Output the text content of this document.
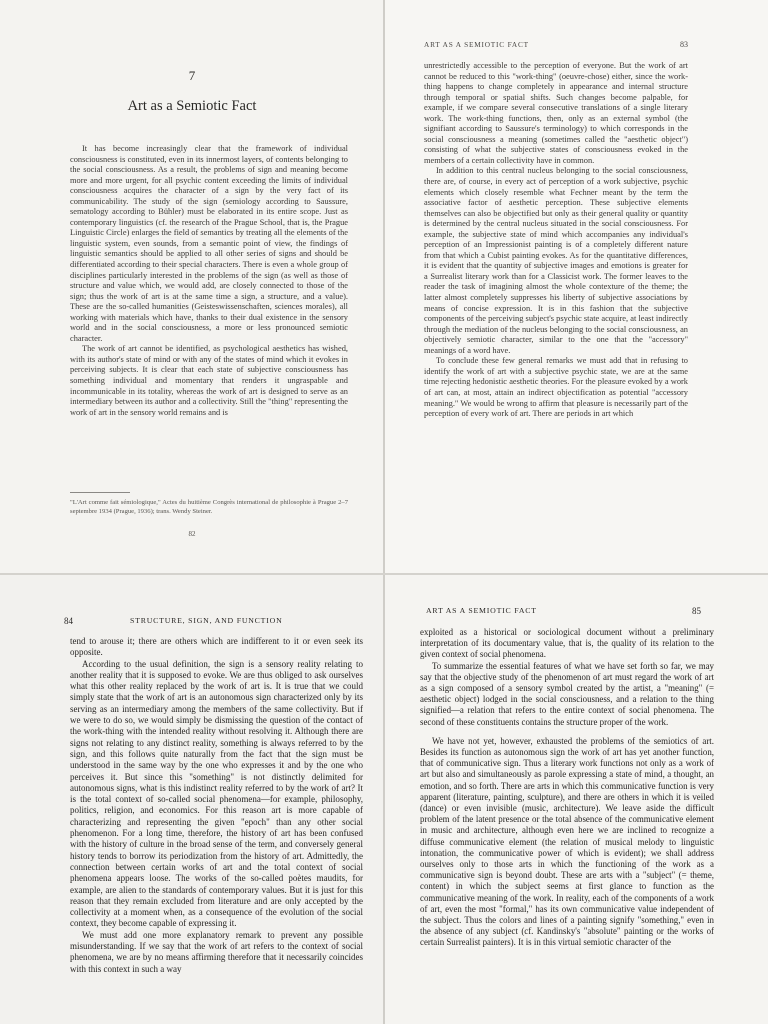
7
Art as a Semiotic Fact

It has become increasingly clear that the framework of individual consciousness is constituted, even in its innermost layers, of contents belonging to the social consciousness. As a result, the problems of sign and meaning become more and more urgent, for all psychic content exceeding the limits of individual consciousness acquires the character of a sign by the very fact of its communicability. The study of the sign (semiology according to Saussure, sematology according to Bühler) must be elaborated in its entire scope. Just as contemporary linguistics (cf. the research of the Prague School, that is, the Prague Linguistic Circle) enlarges the field of semantics by treating all the elements of the linguistic system, even sounds, from a semantic point of view, the findings of linguistic semantics should be applied to all other series of signs and should be differentiated according to their special characters. There is even a whole group of disciplines particularly interested in the problems of the sign (as well as those of structure and value which, we would add, are closely connected to those of the sign; thus the work of art is at the same time a sign, a structure, and a value). These are the so-called humanities (Geisteswissenschaften, sciences morales), all working with materials which have, thanks to their dual existence in the sensory world and in the social consciousness, a more or less pronounced semiotic character.

The work of art cannot be identified, as psychological aesthetics has wished, with its author's state of mind or with any of the states of mind which it evokes in perceiving subjects. It is clear that each state of subjective consciousness has something individual and momentary that renders it ungraspable and incommunicable in its totality, whereas the work of art is designed to serve as an intermediary between its author and a collectivity. Still the "thing" representing the work of art in the sensory world remains and is

"L'Art comme fait sémiologique," Actes du huitième Congrès international de philosophie à Prague 2–7 septembre 1934 (Prague, 1936); trans. Wendy Steiner.
82
ART AS A SEMIOTIC FACT	83

unrestrictedly accessible to the perception of everyone. But the work of art cannot be reduced to this "work-thing" (oeuvre-chose) either, since the work-thing happens to change completely in appearance and internal structure through temporal or spatial shifts. Such changes become palpable, for example, if we compare several consecutive translations of a single literary work. The work-thing functions, then, only as an external symbol (the signifiant according to Saussure's terminology) to which corresponds in the social consciousness a meaning (sometimes called the "aesthetic object") consisting of what the subjective states of consciousness evoked in the members of a certain collectivity have in common.

In addition to this central nucleus belonging to the social consciousness, there are, of course, in every act of perception of a work subjective, psychic elements which closely resemble what Fechner meant by the term the associative factor of aesthetic perception. These subjective elements themselves can also be objectified but only as their general quality or quantity is determined by the central nucleus situated in the social consciousness. For example, the subjective state of mind which accompanies any individual's perception of an Impressionist painting is of a completely different nature from that which a Cubist painting evokes. As for the quantitative differences, it is evident that the quantity of subjective images and emotions is greater for a Surrealist literary work than for a Classicist work. The former leaves to the reader the task of imagining almost the whole contexture of the theme; the latter almost completely suppresses his liberty of subjective associations by means of concise expression. It is in this fashion that the subjective components of the perceiving subject's psychic state acquire, at least indirectly through the mediation of the nucleus belonging to the social consciousness, an objectively semiotic character, similar to the one that the "accessory" meanings of a word have.

To conclude these few general remarks we must add that in refusing to identify the work of art with a subjective psychic state, we are at the same time rejecting hedonistic aesthetic theories. For the pleasure evoked by a work of art can, at most, attain an indirect objectification as potential "accessory meaning." We would be wrong to affirm that pleasure is necessarily part of the perception of every work of art. There are periods in art which

84	STRUCTURE, SIGN, AND FUNCTION

tend to arouse it; there are others which are indifferent to it or even seek its opposite.

According to the usual definition, the sign is a sensory reality relating to another reality that it is supposed to evoke. We are thus obliged to ask ourselves what this other reality replaced by the work of art is. It is true that we could simply state that the work of art is an autonomous sign characterized only by its serving as an intermediary among the members of the same collectivity. But if we were to do so, we would simply be dismissing the question of the contact of the work-thing with the intended reality without resolving it. Although there are signs not relating to any distinct reality, something is always referred to by the sign, and this follows quite naturally from the fact that the sign must be understood in the same way by the one who expresses it and by the one who perceives it. But since this "something" is not distinctly delimited for autonomous signs, what is this indistinct reality referred to by the work of art? It is the total context of so-called social phenomena—for example, philosophy, politics, religion, and economics. For this reason art is more capable of characterizing and representing the given "epoch" than any other social phenomenon. For a long time, therefore, the history of art has been confused with the history of culture in the broad sense of the term, and conversely general history tends to borrow its periodization from the history of art. Admittedly, the connection between certain works of art and the total context of social phenomena appears loose. The works of the so-called poètes maudits, for example, are alien to the standards of contemporary values. But it is just for this reason that they remain excluded from literature and are only accepted by the collectivity at a moment when, as a consequence of the evolution of the social context, they become capable of expressing it.

We must add one more explanatory remark to prevent any possible misunderstanding. If we say that the work of art refers to the context of social phenomena, we are by no means affirming therefore that it necessarily coincides with this context in such a way

ART AS A SEMIOTIC FACT	85

exploited as a historical or sociological document without a preliminary interpretation of its documentary value, that is, the quality of its relation to the given context of social phenomena.

To summarize the essential features of what we have set forth so far, we may say that the objective study of the phenomenon of art must regard the work of art as a sign composed of a sensory symbol created by the artist, a "meaning" (= aesthetic object) lodged in the social consciousness, and a relation to the thing signified—a relation that refers to the entire context of social phenomena. The second of these constituents contains the structure proper of the work.

We have not yet, however, exhausted the problems of the semiotics of art. Besides its function as autonomous sign the work of art has yet another function, that of communicative sign. Thus a literary work functions not only as a work of art but also and simultaneously as parole expressing a state of mind, a thought, an emotion, and so forth. There are arts in which this communicative function is very apparent (literature, painting, sculpture), and there are others in which it is veiled (dance) or even invisible (music, architecture). We leave aside the difficult problem of the latent presence or the total absence of the communicative element in music and architecture, although even here we are inclined to recognize a diffuse communicative element (the relation of musical melody to linguistic intonation, the communicative power of which is evident); we shall address ourselves only to those arts in which the functioning of the work as a communicative sign is beyond doubt. These are arts with a "subject" (= theme, content) in which the subject seems at first glance to function as the communicative meaning of the work. In reality, each of the components of a work of art, even the most "formal," has its own communicative value independent of the subject. Thus the colors and lines of a painting signify "something," even in the absence of any subject (cf. Kandinsky's "absolute" painting or the works of certain Surrealist painters). It is in this virtual semiotic character of the
